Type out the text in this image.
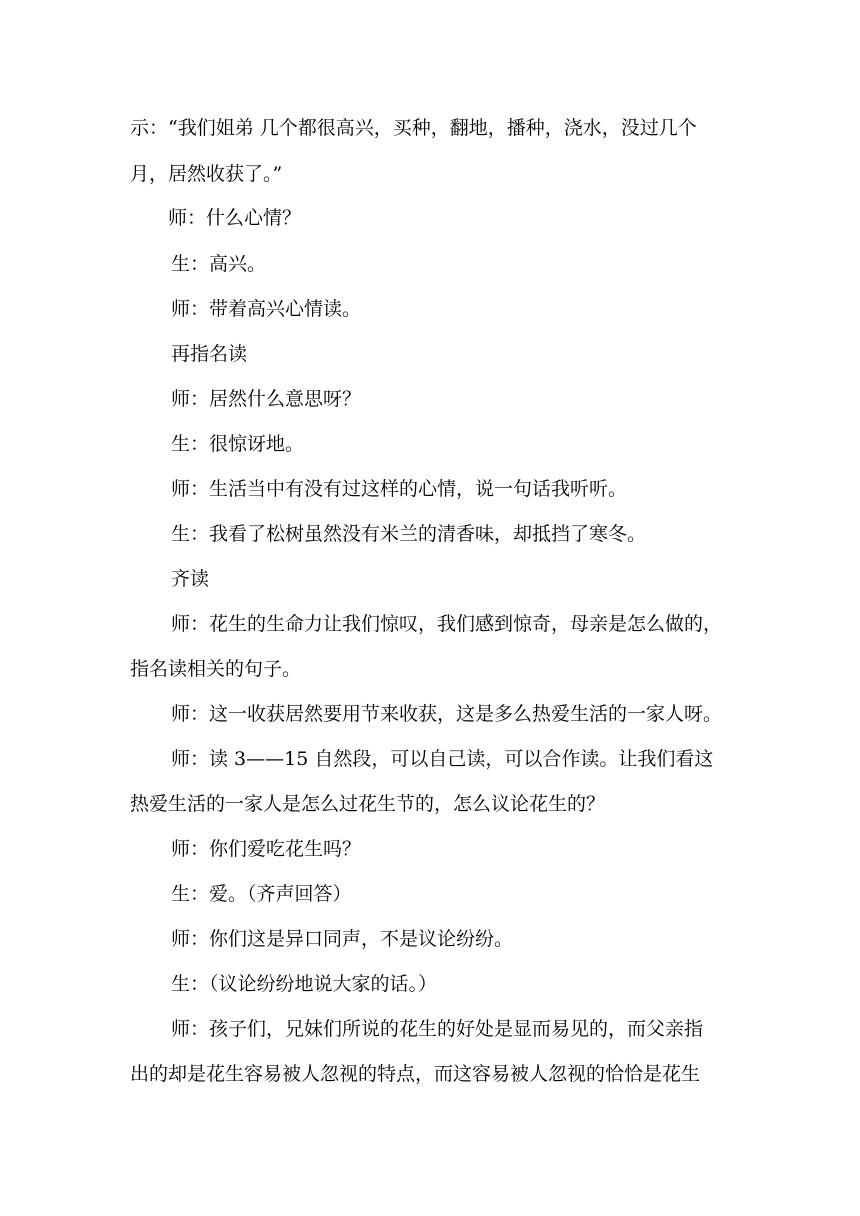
示：“我们姐弟 几个都很高兴，买种，翻地，播种，浇水，没过几个
月，居然收获了。”
师：什么心情？
生：高兴。
师：带着高兴心情读。
再指名读
师：居然什么意思呀？
生：很惊讶地。
师：生活当中有没有过这样的心情，说一句话我听听。
生：我看了松树虽然没有米兰的清香味，却抵挡了寒冬。
齐读
师：花生的生命力让我们惊叹，我们感到惊奇，母亲是怎么做的，
指名读相关的句子。
师：这一收获居然要用节来收获，这是多么热爱生活的一家人呀。
师：读 3——15 自然段，可以自己读，可以合作读。让我们看这
热爱生活的一家人是怎么过花生节的，怎么议论花生的？
师：你们爱吃花生吗？
生：爱。（齐声回答）
师：你们这是异口同声，不是议论纷纷。
生：（议论纷纷地说大家的话。）
师：孩子们，兄妹们所说的花生的好处是显而易见的，而父亲指
出的却是花生容易被人忽视的特点，而这容易被人忽视的恰恰是花生
